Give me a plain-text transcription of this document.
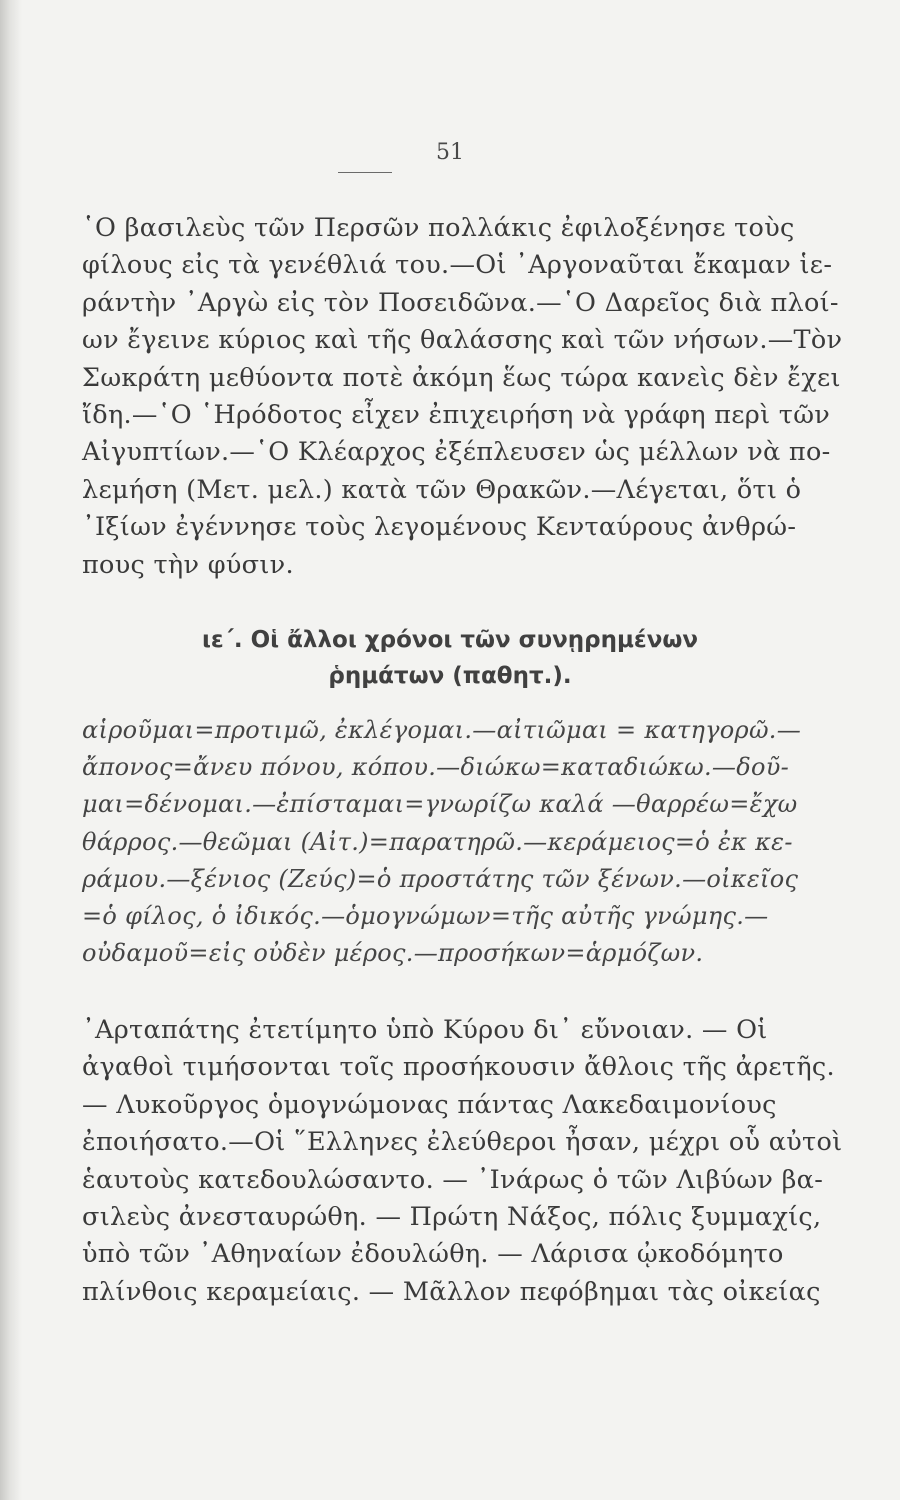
51
῾Ο βασιλεὺς τῶν Περσῶν πολλάκις ἐφιλοξένησε τοὺς
φίλους εἰς τὰ γενέθλιά του.—Οἱ ᾿Αργοναῦται ἔκαμαν ἱε-
ράντὴν ᾿Αργὼ εἰς τὸν Ποσειδῶνα.—῾Ο Δαρεῖος διὰ πλοί-
ων ἔγεινε κύριος καὶ τῆς θαλάσσης καὶ τῶν νήσων.—Τὸν
Σωκράτη μεθύοντα ποτὲ ἀκόμη ἕως τώρα κανεὶς δὲν ἔχει
ἴδη.—῾Ο ῾Ηρόδοτος εἶχεν ἐπιχειρήση νὰ γράφη περὶ τῶν
Αἰγυπτίων.—῾Ο Κλέαρχος ἐξέπλευσεν ὡς μέλλων νὰ πο-
λεμήση (Μετ. μελ.) κατὰ τῶν Θρακῶν.—Λέγεται, ὅτι ὁ
᾿Ιξίων ἐγέννησε τοὺς λεγομένους Κενταύρους ἀνθρώ-
πους τὴν φύσιν.
ιε΄. Οἱ ἄλλοι χρόνοι τῶν συνῃρημένων
ῥημάτων (παθητ.).
αἱροῦμαι=προτιμῶ, ἐκλέγομαι.—αἰτιῶμαι = κατηγορῶ.—
ἄπονος=ἄνευ πόνου, κόπου.—διώκω=καταδιώκω.—δοῦ-
μαι=δένομαι.—ἐπίσταμαι=γνωρίζω καλά —θαρρέω=ἔχω
θάρρος.—θεῶμαι (Αἰτ.)=παρατηρῶ.—κεράμειος=ὁ ἐκ κε-
ράμου.—ξένιος (Ζεύς)=ὁ προστάτης τῶν ξένων.—οἰκεῖος
=ὁ φίλος, ὁ ἰδικός.—ὁμογνώμων=τῆς αὐτῆς γνώμης.—
οὐδαμοῦ=εἰς οὐδὲν μέρος.—προσήκων=ἁρμόζων.
᾿Αρταπάτης ἐτετίμητο ὑπὸ Κύρου δι᾿ εὔνοιαν. — Οἱ
ἀγαθοὶ τιμήσονται τοῖς προσήκουσιν ἄθλοις τῆς ἀρετῆς.
— Λυκοῦργος ὁμογνώμονας πάντας Λακεδαιμονίους
ἐποιήσατο.—Οἱ ῞Ελληνες ἐλεύθεροι ἦσαν, μέχρι οὗ αὐτοὶ
ἑαυτοὺς κατεδουλώσαντο. — ᾿Ινάρως ὁ τῶν Λιβύων βα-
σιλεὺς ἀνεσταυρώθη. — Πρώτη Νάξος, πόλις ξυμμαχίς,
ὑπὸ τῶν ᾿Αθηναίων ἐδουλώθη. — Λάρισα ᾠκοδόμητο
πλίνθοις κεραμείαις. — Μᾶλλον πεφόβημαι τὰς οἰκείας
